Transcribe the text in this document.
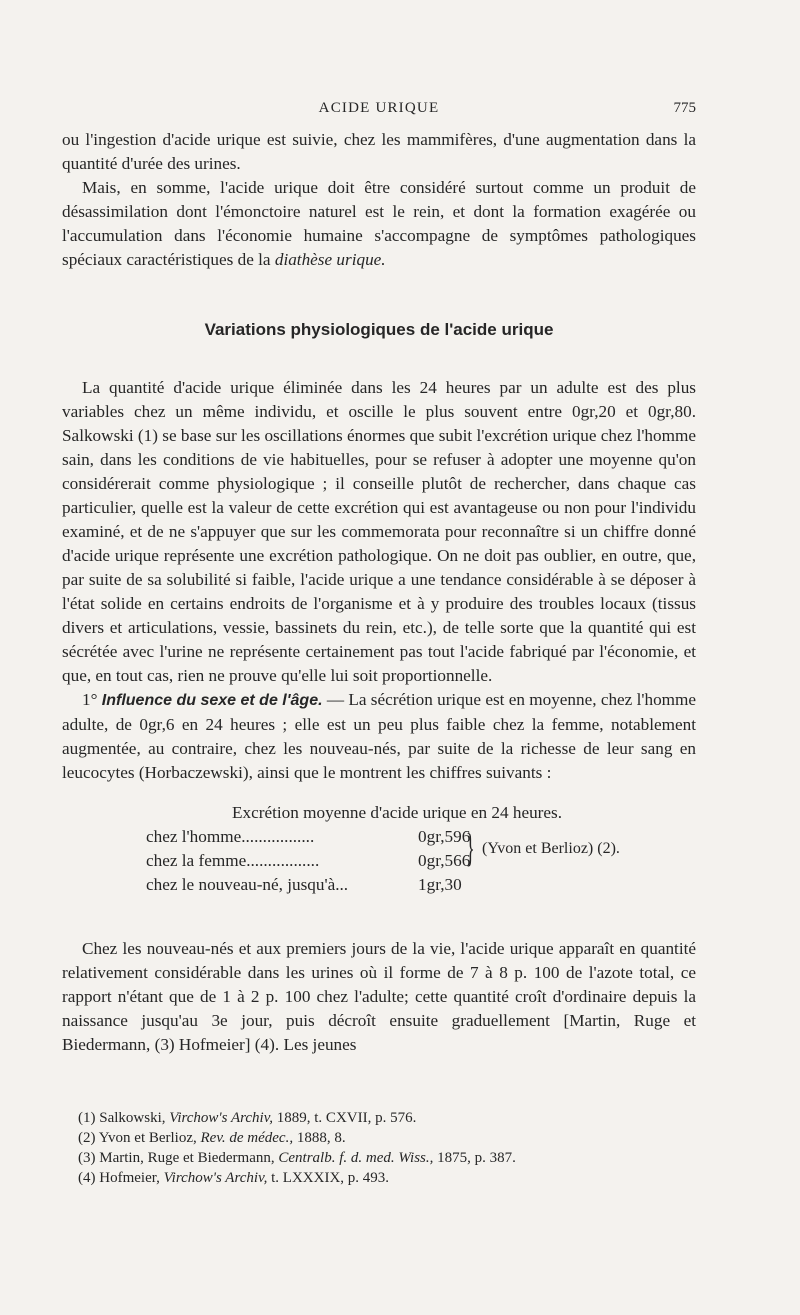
ACIDE URIQUE	775

ou l'ingestion d'acide urique est suivie, chez les mammifères, d'une augmentation dans la quantité d'urée des urines.

Mais, en somme, l'acide urique doit être considéré surtout comme un produit de désassimilation dont l'émonctoire naturel est le rein, et dont la formation exagérée ou l'accumulation dans l'économie humaine s'accompagne de symptômes pathologiques spéciaux caractéristiques de la diathèse urique.

Variations physiologiques de l'acide urique

La quantité d'acide urique éliminée dans les 24 heures par un adulte est des plus variables chez un même individu, et oscille le plus souvent entre 0gr,20 et 0gr,80. Salkowski (1) se base sur les oscillations énormes que subit l'excrétion urique chez l'homme sain, dans les conditions de vie habituelles, pour se refuser à adopter une moyenne qu'on considérerait comme physiologique ; il conseille plutôt de rechercher, dans chaque cas particulier, quelle est la valeur de cette excrétion qui est avantageuse ou non pour l'individu examiné, et de ne s'appuyer que sur les commemorata pour reconnaître si un chiffre donné d'acide urique représente une excrétion pathologique. On ne doit pas oublier, en outre, que, par suite de sa solubilité si faible, l'acide urique a une tendance considérable à se déposer à l'état solide en certains endroits de l'organisme et à y produire des troubles locaux (tissus divers et articulations, vessie, bassinets du rein, etc.), de telle sorte que la quantité qui est sécrétée avec l'urine ne représente certainement pas tout l'acide fabriqué par l'économie, et que, en tout cas, rien ne prouve qu'elle lui soit proportionnelle.

1° Influence du sexe et de l'âge. — La sécrétion urique est en moyenne, chez l'homme adulte, de 0gr,6 en 24 heures ; elle est un peu plus faible chez la femme, notablement augmentée, au contraire, chez les nouveau-nés, par suite de la richesse de leur sang en leucocytes (Horbaczewski), ainsi que le montrent les chiffres suivants :

Excrétion moyenne d'acide urique en 24 heures.
chez l'homme.................	0gr,596
chez la femme.................	0gr,566
chez le nouveau-né, jusqu'à...	1gr,30
} (Yvon et Berlioz) (2).

Chez les nouveau-nés et aux premiers jours de la vie, l'acide urique apparaît en quantité relativement considérable dans les urines où il forme de 7 à 8 p. 100 de l'azote total, ce rapport n'étant que de 1 à 2 p. 100 chez l'adulte; cette quantité croît d'ordinaire depuis la naissance jusqu'au 3e jour, puis décroît ensuite graduellement [Martin, Ruge et Biedermann, (3) Hofmeier] (4). Les jeunes

(1) Salkowski, Virchow's Archiv, 1889, t. CXVII, p. 576.
(2) Yvon et Berlioz, Rev. de médec., 1888, 8.
(3) Martin, Ruge et Biedermann, Centralb. f. d. med. Wiss., 1875, p. 387.
(4) Hofmeier, Virchow's Archiv, t. LXXXIX, p. 493.
